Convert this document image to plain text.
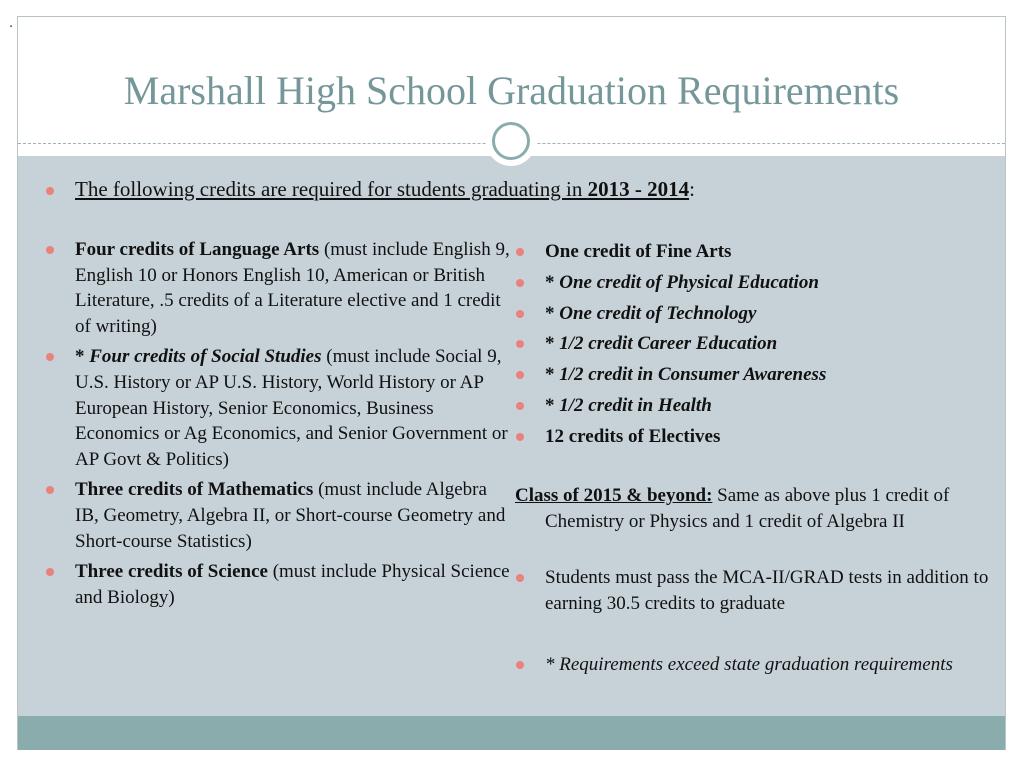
.
Marshall High School Graduation Requirements
The following credits are required for students graduating in 2013 - 2014:
Four credits of Language Arts (must include English 9, English 10 or Honors English 10, American or British Literature, .5 credits of a Literature elective and 1 credit of writing)
* Four credits of Social Studies (must include Social 9, U.S. History or AP U.S. History, World History or AP European History, Senior Economics, Business Economics or Ag Economics, and Senior Government or AP Govt & Politics)
Three credits of Mathematics (must include Algebra IB, Geometry, Algebra II, or Short-course Geometry and Short-course Statistics)
Three credits of Science (must include Physical Science and Biology)
One credit of Fine Arts
* One credit of Physical Education
* One credit of Technology
* 1/2 credit Career Education
* 1/2 credit in Consumer Awareness
* 1/2 credit in Health
12 credits of Electives
Class of 2015 & beyond: Same as above plus 1 credit of Chemistry or Physics and 1 credit of Algebra II
Students must pass the MCA-II/GRAD tests in addition to earning 30.5 credits to graduate
* Requirements exceed state graduation requirements
